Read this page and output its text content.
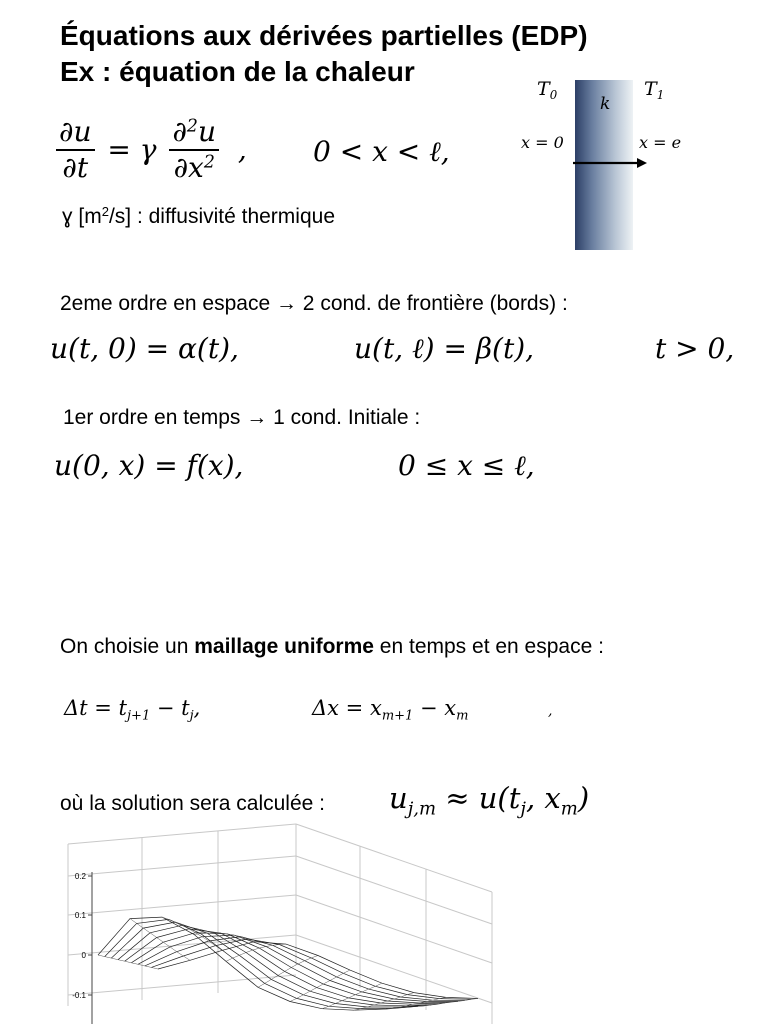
Équations aux dérivées partielles (EDP)
Ex : équation de la chaleur
$\frac{\partial u}{\partial t} = \gamma \frac{\partial^2u}{\partial x^2}$ , 0 < x < ℓ,
ɣ $[m^2/s]$ : diffusivité thermique
$T_0$	$T_1$
k
x = 0	x = e
2eme ordre en espace → 2 cond. de frontière (bords) :
u(t, 0) = α(t),	u(t, ℓ) = β(t),	t > 0,
1er ordre en temps → 1 cond. Initiale :
u(0, x) = f(x),	0 ≤ x ≤ ℓ,
On choisie un maillage uniforme en temps et en espace :
$\Delta t = t_{j+1} - t_j$,	$\Delta x = x_{m+1} - x_m$	,
où la solution sera calculée : $u_{j,m} \approx u(t_j$, $x_m$)
0.2
0.1
0
-0.1
